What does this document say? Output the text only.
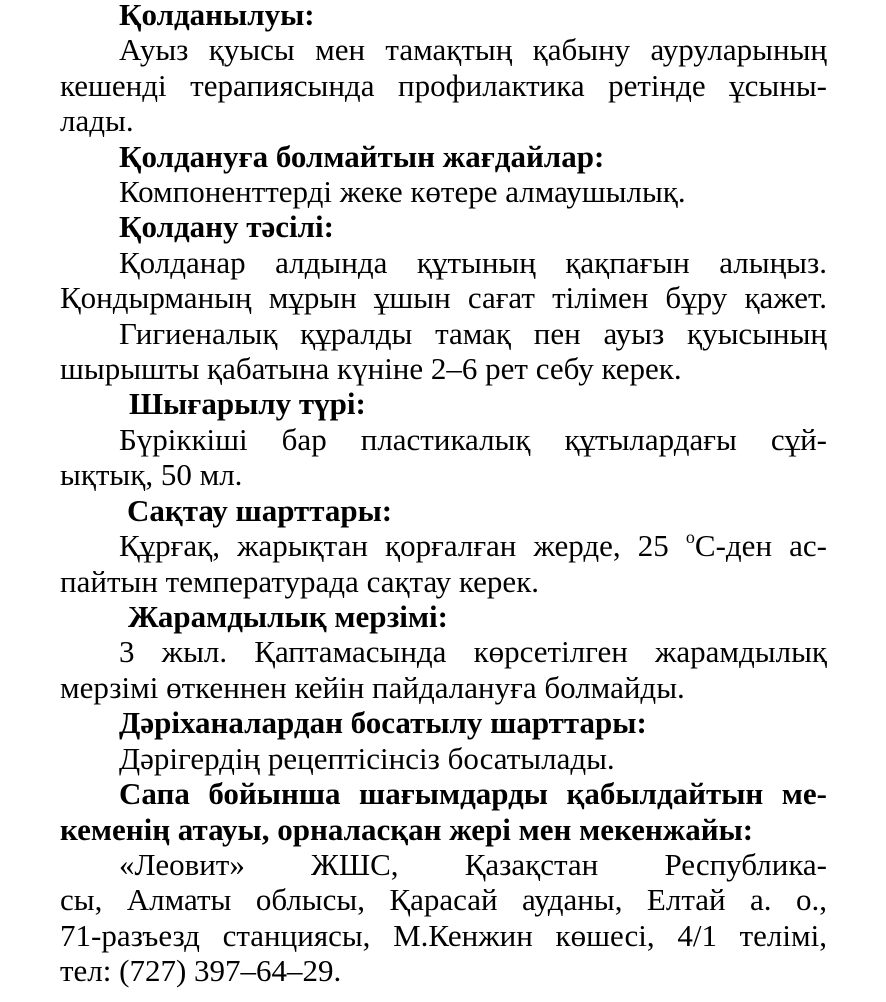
Қолданылуы:
Ауыз қуысы мен тамақтың қабыну ауруларының
кешенді терапиясында профилактика ретінде ұсыны-
лады.
Қолдануға болмайтын жағдайлар:
Компоненттерді жеке көтере алмаушылық.
Қолдану тәсілі:
Қолданар алдында құтының қақпағын алыңыз.
Қондырманың мұрын ұшын сағат тілімен бұру қажет.
Гигиеналық құралды тамақ пен ауыз қуысының
шырышты қабатына күніне 2–6 рет себу керек.
Шығарылу түрі:
Бүріккіші бар пластикалық құтылардағы сұй-
ықтық, 50 мл.
Сақтау шарттары:
Құрғақ, жарықтан қорғалған жерде, 25 $^о$С-ден ас-
пайтын температурада сақтау керек.
Жарамдылық мерзімі:
3 жыл. Қаптамасында көрсетілген жарамдылық
мерзімі өткеннен кейін пайдалануға болмайды.
Дәріханалардан босатылу шарттары:
Дәрігердің рецептісінсіз босатылады.
Сапа бойынша шағымдарды қабылдайтын ме-
кеменің атауы, орналасқан жері мен мекенжайы:
«Леовит» ЖШС, Қазақстан Республика-
сы, Алматы облысы, Қарасай ауданы, Елтай а. о.,
71-разъезд станциясы, М.Кенжин көшесі, 4/1 телімі,
тел: (727) 397–64–29.
